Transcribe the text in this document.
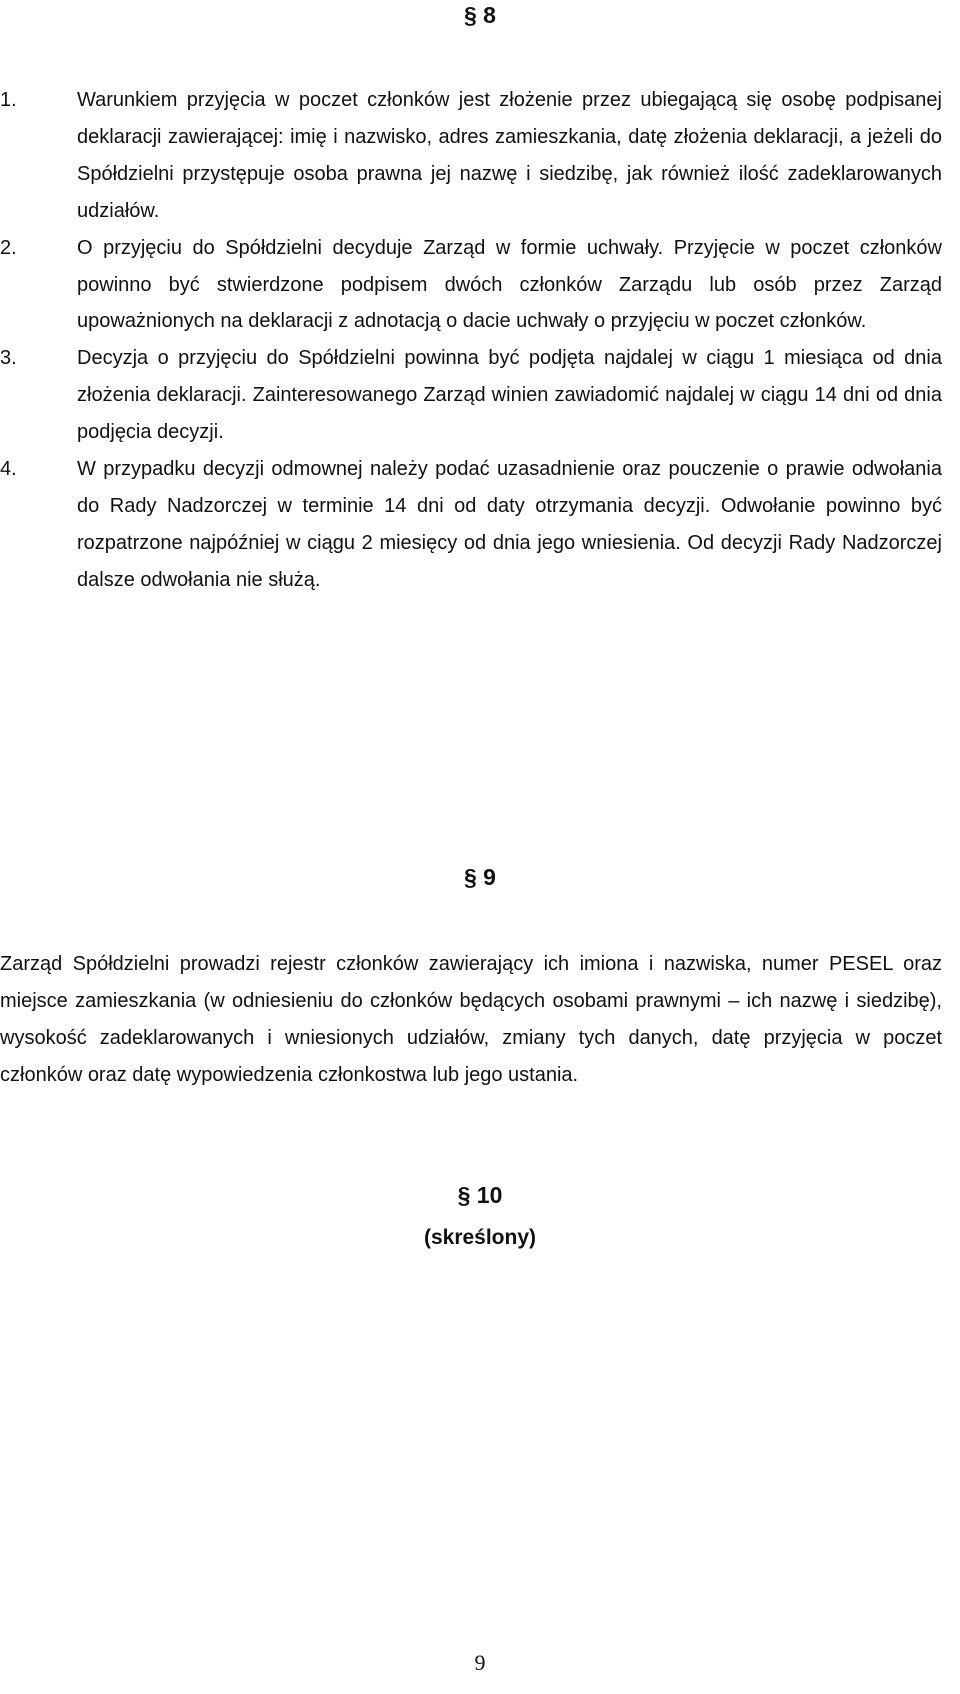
§ 8
1.	Warunkiem przyjęcia w poczet członków jest złożenie przez ubiegającą się osobę podpisanej deklaracji zawierającej: imię i nazwisko, adres zamieszkania, datę złożenia deklaracji, a jeżeli do Spółdzielni przystępuje osoba prawna jej nazwę i siedzibę, jak również ilość zadeklarowanych udziałów.
2.	O przyjęciu do Spółdzielni decyduje Zarząd w formie uchwały. Przyjęcie w poczet członków powinno być stwierdzone podpisem dwóch członków Zarządu lub osób przez Zarząd upoważnionych na deklaracji z adnotacją o dacie uchwały o przyjęciu w poczet członków.
3.	Decyzja o przyjęciu do Spółdzielni powinna być podjęta najdalej w ciągu 1 miesiąca od dnia złożenia deklaracji. Zainteresowanego Zarząd winien zawiadomić najdalej w ciągu 14 dni od dnia podjęcia decyzji.
4.	W przypadku decyzji odmownej należy podać uzasadnienie oraz pouczenie o prawie odwołania do Rady Nadzorczej w terminie 14 dni od daty otrzymania decyzji. Odwołanie powinno być rozpatrzone najpóźniej w ciągu 2 miesięcy od dnia jego wniesienia. Od decyzji Rady Nadzorczej dalsze odwołania nie służą.
§ 9

Zarząd Spółdzielni prowadzi rejestr członków zawierający ich imiona i nazwiska, numer PESEL oraz miejsce zamieszkania (w odniesieniu do członków będących osobami prawnymi – ich nazwę i siedzibę), wysokość zadeklarowanych i wniesionych udziałów, zmiany tych danych, datę przyjęcia w poczet członków oraz datę wypowiedzenia członkostwa lub jego ustania.

§ 10
(skreślony)
9
